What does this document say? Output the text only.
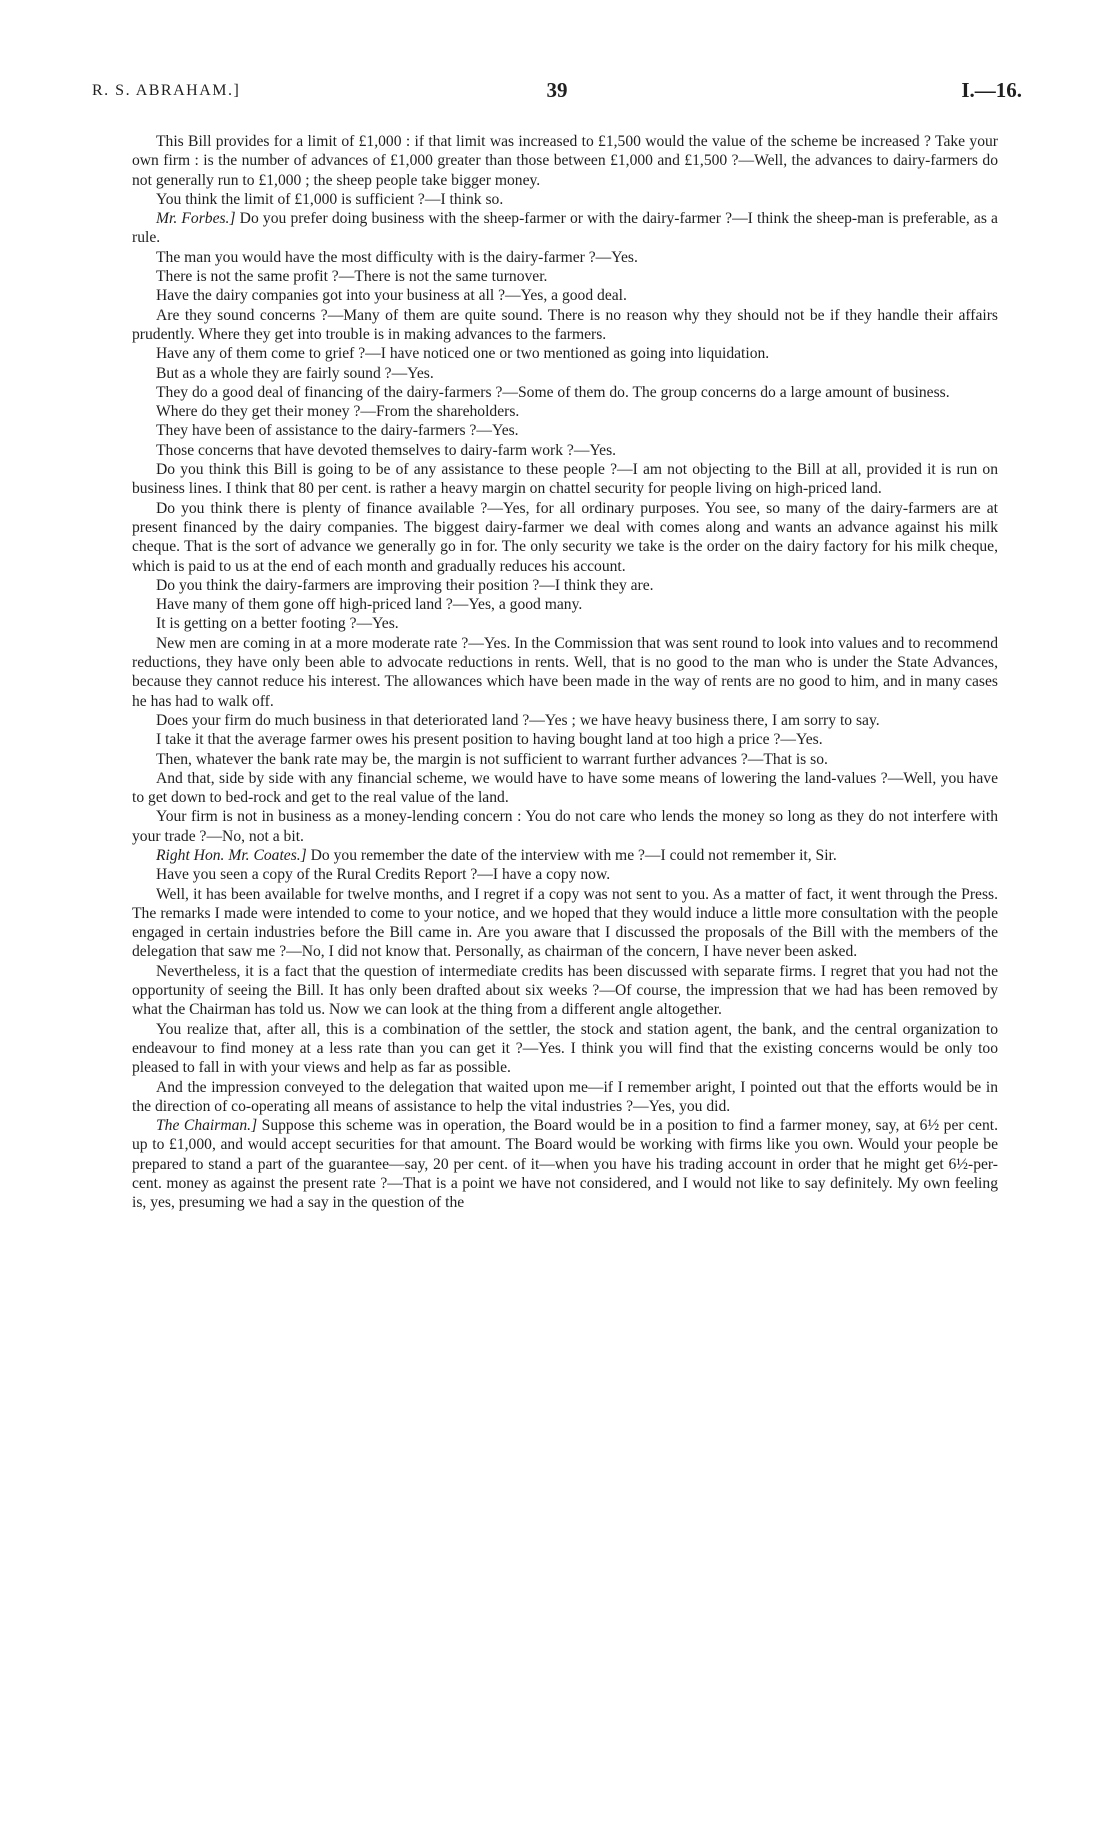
R. S. ABRAHAM.]	39	I.—16.

This Bill provides for a limit of £1,000 : if that limit was increased to £1,500 would the value of the scheme be increased ? Take your own firm : is the number of advances of £1,000 greater than those between £1,000 and £1,500 ?—Well, the advances to dairy-farmers do not generally run to £1,000 ; the sheep people take bigger money.

You think the limit of £1,000 is sufficient ?—I think so.

Mr. Forbes.] Do you prefer doing business with the sheep-farmer or with the dairy-farmer ?—I think the sheep-man is preferable, as a rule.

The man you would have the most difficulty with is the dairy-farmer ?—Yes.

There is not the same profit ?—There is not the same turnover.

Have the dairy companies got into your business at all ?—Yes, a good deal.

Are they sound concerns ?—Many of them are quite sound. There is no reason why they should not be if they handle their affairs prudently. Where they get into trouble is in making advances to the farmers.

Have any of them come to grief ?—I have noticed one or two mentioned as going into liquidation.

But as a whole they are fairly sound ?—Yes.

They do a good deal of financing of the dairy-farmers ?—Some of them do. The group concerns do a large amount of business.

Where do they get their money ?—From the shareholders.

They have been of assistance to the dairy-farmers ?—Yes.

Those concerns that have devoted themselves to dairy-farm work ?—Yes.

Do you think this Bill is going to be of any assistance to these people ?—I am not objecting to the Bill at all, provided it is run on business lines. I think that 80 per cent. is rather a heavy margin on chattel security for people living on high-priced land.

Do you think there is plenty of finance available ?—Yes, for all ordinary purposes. You see, so many of the dairy-farmers are at present financed by the dairy companies. The biggest dairy-farmer we deal with comes along and wants an advance against his milk cheque. That is the sort of advance we generally go in for. The only security we take is the order on the dairy factory for his milk cheque, which is paid to us at the end of each month and gradually reduces his account.

Do you think the dairy-farmers are improving their position ?—I think they are.

Have many of them gone off high-priced land ?—Yes, a good many.

It is getting on a better footing ?—Yes.

New men are coming in at a more moderate rate ?—Yes. In the Commission that was sent round to look into values and to recommend reductions, they have only been able to advocate reductions in rents. Well, that is no good to the man who is under the State Advances, because they cannot reduce his interest. The allowances which have been made in the way of rents are no good to him, and in many cases he has had to walk off.

Does your firm do much business in that deteriorated land ?—Yes ; we have heavy business there, I am sorry to say.

I take it that the average farmer owes his present position to having bought land at too high a price ?—Yes.

Then, whatever the bank rate may be, the margin is not sufficient to warrant further advances ?—That is so.

And that, side by side with any financial scheme, we would have to have some means of lowering the land-values ?—Well, you have to get down to bed-rock and get to the real value of the land.

Your firm is not in business as a money-lending concern : You do not care who lends the money so long as they do not interfere with your trade ?—No, not a bit.

Right Hon. Mr. Coates.] Do you remember the date of the interview with me ?—I could not remember it, Sir.

Have you seen a copy of the Rural Credits Report ?—I have a copy now.

Well, it has been available for twelve months, and I regret if a copy was not sent to you. As a matter of fact, it went through the Press. The remarks I made were intended to come to your notice, and we hoped that they would induce a little more consultation with the people engaged in certain industries before the Bill came in. Are you aware that I discussed the proposals of the Bill with the members of the delegation that saw me ?—No, I did not know that. Personally, as chairman of the concern, I have never been asked.

Nevertheless, it is a fact that the question of intermediate credits has been discussed with separate firms. I regret that you had not the opportunity of seeing the Bill. It has only been drafted about six weeks ?—Of course, the impression that we had has been removed by what the Chairman has told us. Now we can look at the thing from a different angle altogether.

You realize that, after all, this is a combination of the settler, the stock and station agent, the bank, and the central organization to endeavour to find money at a less rate than you can get it ?—Yes. I think you will find that the existing concerns would be only too pleased to fall in with your views and help as far as possible.

And the impression conveyed to the delegation that waited upon me—if I remember aright, I pointed out that the efforts would be in the direction of co-operating all means of assistance to help the vital industries ?—Yes, you did.

The Chairman.] Suppose this scheme was in operation, the Board would be in a position to find a farmer money, say, at 6½ per cent. up to £1,000, and would accept securities for that amount. The Board would be working with firms like you own. Would your people be prepared to stand a part of the guarantee—say, 20 per cent. of it—when you have his trading account in order that he might get 6½-per-cent. money as against the present rate ?—That is a point we have not considered, and I would not like to say definitely. My own feeling is, yes, presuming we had a say in the question of the
